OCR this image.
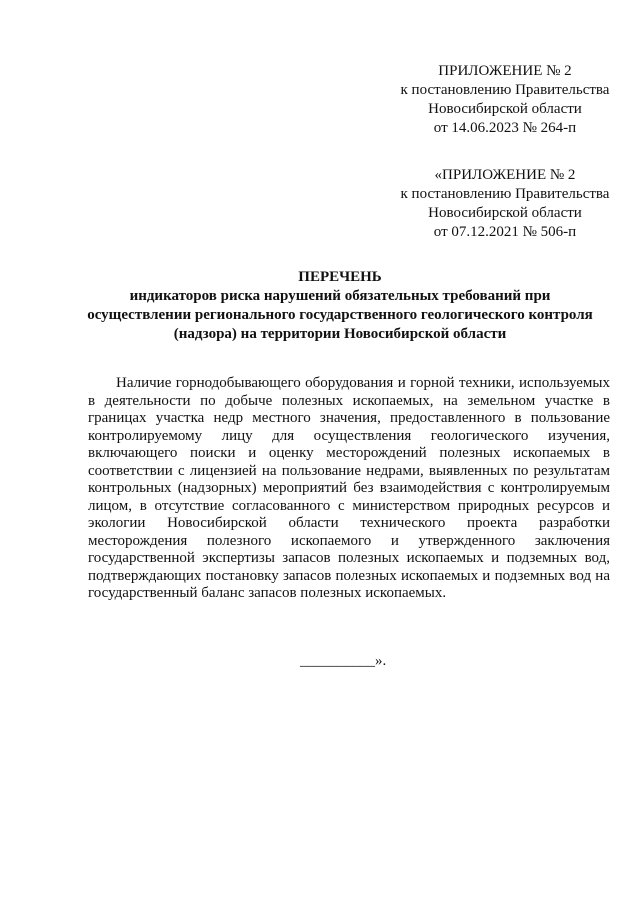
ПРИЛОЖЕНИЕ № 2
к постановлению Правительства
Новосибирской области
от 14.06.2023 № 264-п
«ПРИЛОЖЕНИЕ № 2
к постановлению Правительства
Новосибирской области
от 07.12.2021 № 506-п
ПЕРЕЧЕНЬ
индикаторов риска нарушений обязательных требований при
осуществлении регионального государственного геологического контроля
(надзора) на территории Новосибирской области
Наличие горнодобывающего оборудования и горной техники, используемых в деятельности по добыче полезных ископаемых, на земельном участке в границах участка недр местного значения, предоставленного в пользование контролируемому лицу для осуществления геологического изучения, включающего поиски и оценку месторождений полезных ископаемых в соответствии с лицензией на пользование недрами, выявленных по результатам контрольных (надзорных) мероприятий без взаимодействия с контролируемым лицом, в отсутствие согласованного с министерством природных ресурсов и экологии Новосибирской области технического проекта разработки месторождения полезного ископаемого и утвержденного заключения государственной экспертизы запасов полезных ископаемых и подземных вод, подтверждающих постановку запасов полезных ископаемых и подземных вод на государственный баланс запасов полезных ископаемых.
__________».
